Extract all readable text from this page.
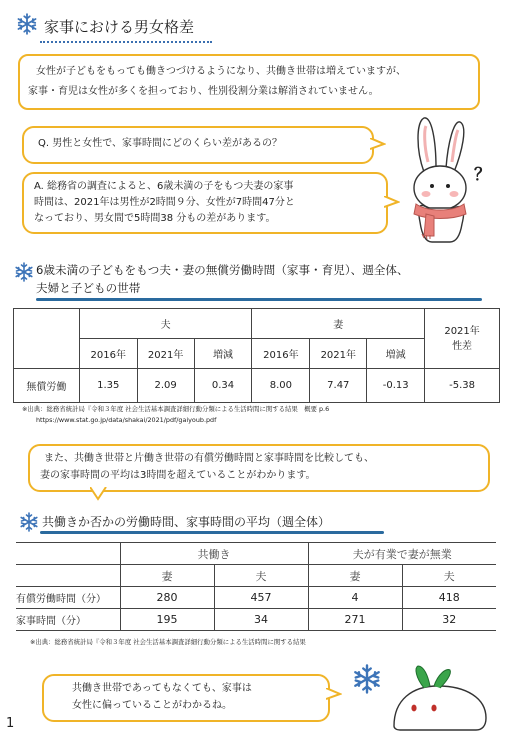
家事における男女格差

女性が子どもをもっても働きつづけるようになり、共働き世帯は増えていますが、

家事・育児は女性が多くを担っており、性別役割分業は解消されていません。

Q. 男性と女性で、家事時間にどのくらい差があるの？

A. 総務省の調査によると、6歳未満の子をもつ夫妻の家事

時間は、2021年は男性が2時間９分、女性が7時間47分と

なっており、男女間で5時間38 分もの差があります。

？
6歳未満の子どもをもつ夫・妻の無償労働時間（家事・育児）、週全体、
夫婦と子どもの世帯
	夫			妻			2021年
性差

	2016年	2021年	増減	2016年	2021年	増減	
無償労働	1.35	2.09	0.34	8.00	7.47	-0.13	-5.38
※出典：総務省統計局『令和３年度 社会生活基本調査詳細行動分類による生活時間に関する結果　概要 p.6
https://www.stat.go.jp/data/shakai/2021/pdf/gaiyoub.pdf

また、共働き世帯と片働き世帯の有償労働時間と家事時間を比較しても、

妻の家事時間の平均は3時間を超えていることがわかります。

共働きか否かの労働時間、家事時間の平均（週全体）
	共働き		夫が有業で妻が無業	
	妻	夫	妻	夫
有償労働時間（分）	280	457	4	418
家事時間（分）	195	34	271	32
※出典：総務省統計局『令和３年度 社会生活基本調査詳細行動分類による生活時間に関する結果

共働き世帯であってもなくても、家事は

女性に偏っていることがわかるね。

1
